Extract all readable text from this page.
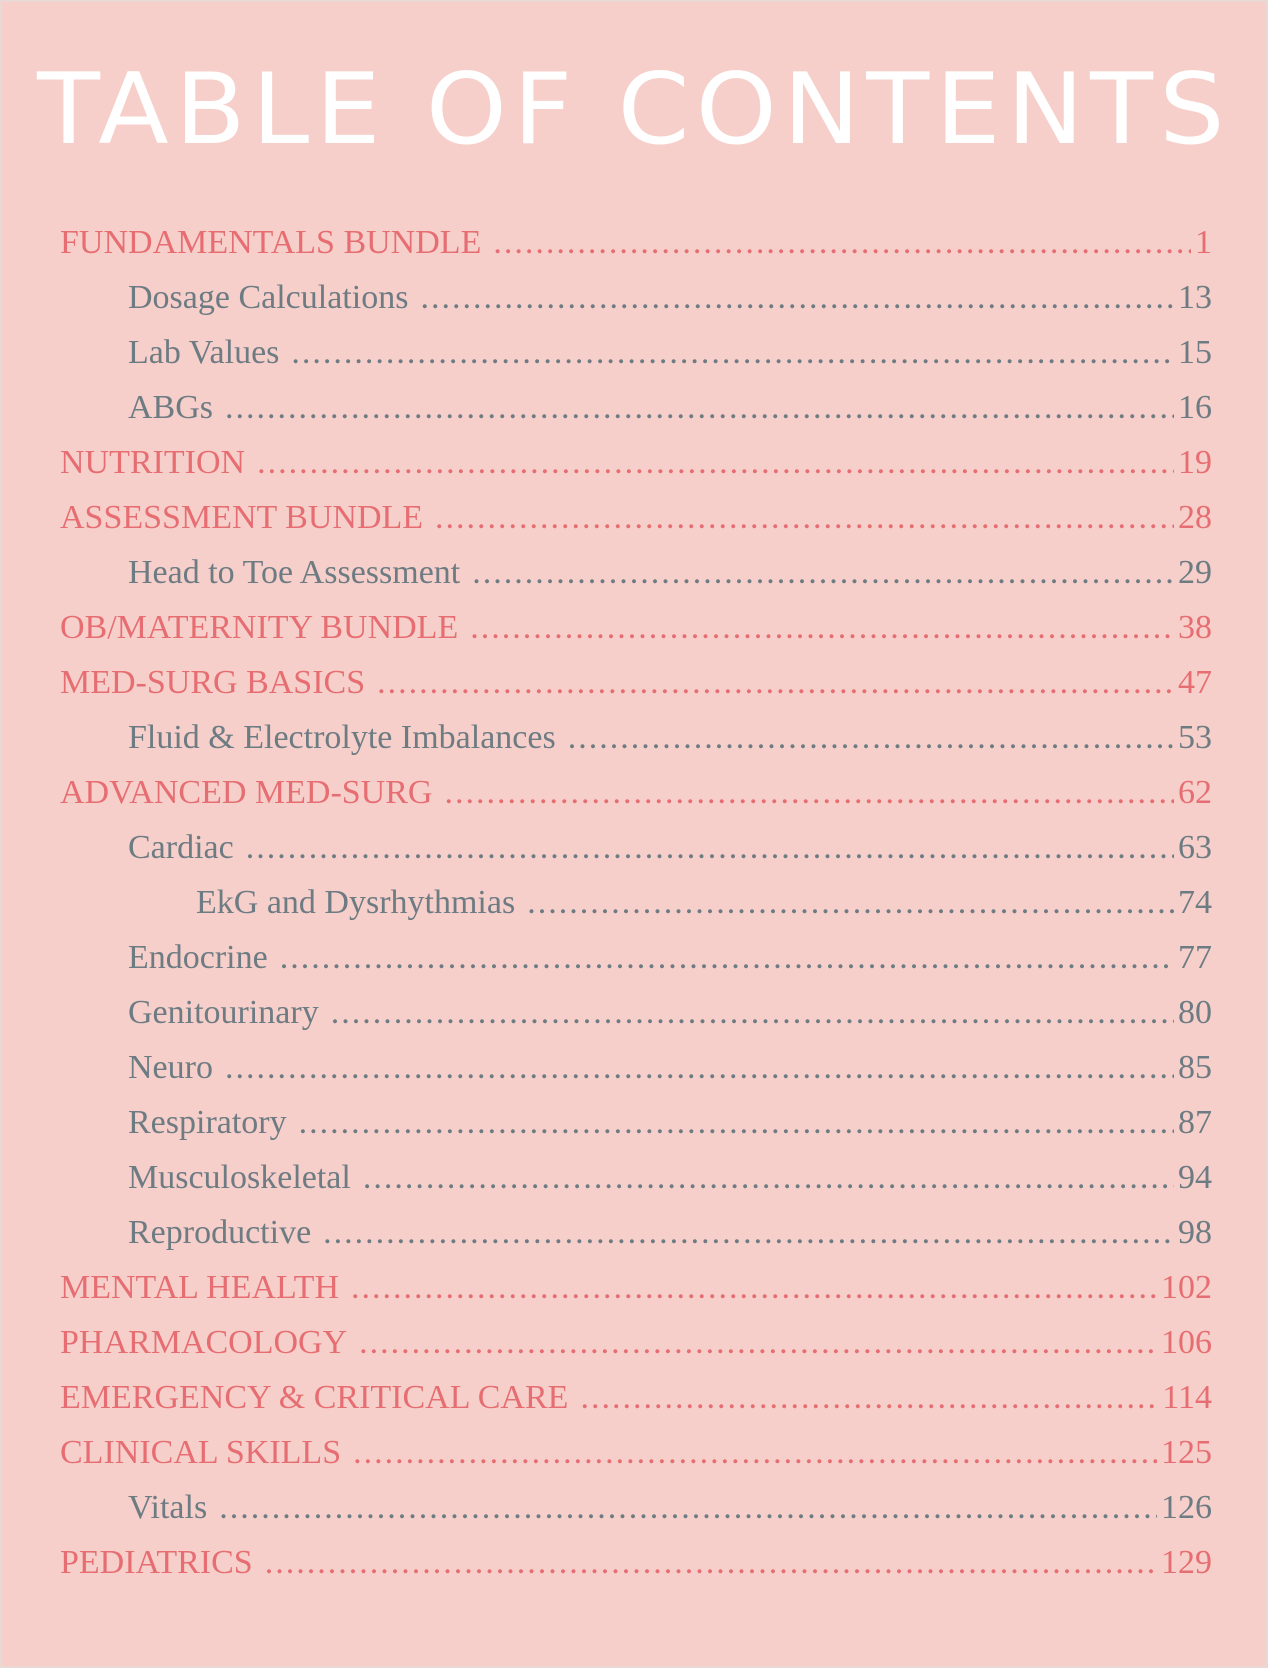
TABLE OF CONTENTS
FUNDAMENTALS BUNDLE .....	1
Dosage Calculations .....	13
Lab Values .....	15
ABGs .....	16
NUTRITION .....	19
ASSESSMENT BUNDLE .....	28
Head to Toe Assessment .....	29
OB/MATERNITY BUNDLE .....	38
MED-SURG BASICS .....	47
Fluid & Electrolyte Imbalances .....	53
ADVANCED MED-SURG .....	62
Cardiac .....	63
EkG and Dysrhythmias .....	74
Endocrine .....	77
Genitourinary .....	80
Neuro .....	85
Respiratory .....	87
Musculoskeletal .....	94
Reproductive .....	98
MENTAL HEALTH .....	102
PHARMACOLOGY .....	106
EMERGENCY & CRITICAL CARE .....	114
CLINICAL SKILLS .....	125
Vitals .....	126
PEDIATRICS .....	129
